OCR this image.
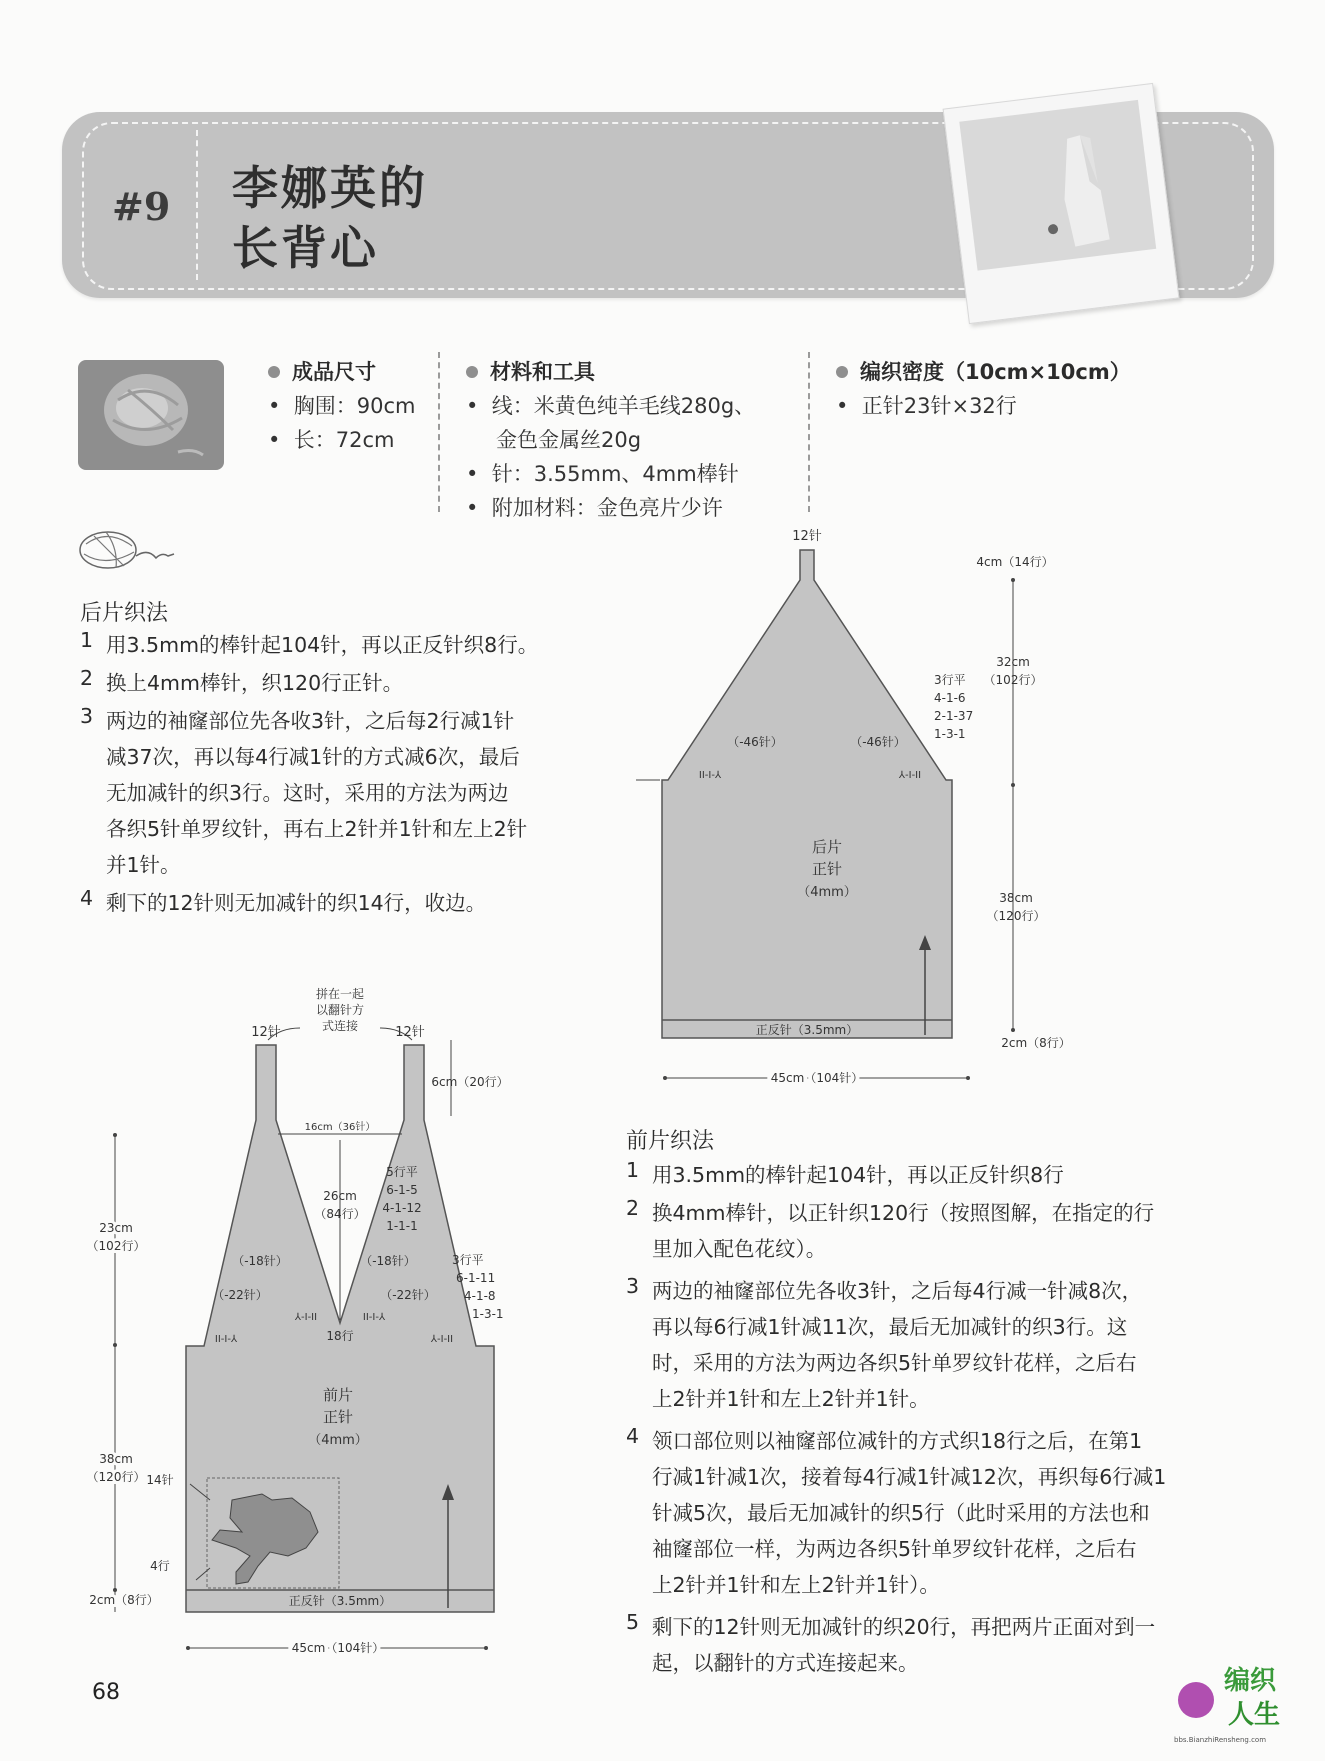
#9 李娜英的
长背心
成品尺寸
•  胸围：90cm
•  长：72cm
材料和工具
•  线：米黄色纯羊毛线280g、
金色金属丝20g
•  针：3.55mm、4mm棒针
•  附加材料：金色亮片少许
编织密度（10cm×10cm）
•  正针23针×32行
后片织法
1 用3.5mm的棒针起104针，再以正反针织8行。
2 换上4mm棒针，织120行正针。
3 两边的袖窿部位先各收3针，之后每2行减1针
减37次，再以每4行减1针的方式减6次，最后
无加减针的织3行。这时，采用的方法为两边
各织5针单罗纹针，再右上2针并1针和左上2针
并1针。
4 剩下的12针则无加减针的织14行，收边。
12针
4cm（14行）
32cm
（102行）
3行平
4-1-6
2-1-37
1-3-1
（-46针）	（-46针）
II-I-⅄	⅄-I-II
后片
正针
（4mm）	38cm
（120行）
正反针（3.5mm）
2cm（8行）
45cm（104针）
拼在一起
以翻针方
式连接
12针	12针
6cm（20行）
16cm（36针）
26cm
（84行）
5行平
6-1-5
4-1-12
1-1-1
3行平
6-1-11
4-1-8
1-3-1
（-18针）	（-18针）
（-22针）	（-22针）
⅄-I-II	II-I-⅄
II-I-⅄	⅄-I-II
18行
23cm
（102行）
38cm
（120行）
前片
正针
（4mm）
14针
4行
正反针（3.5mm）
2cm（8行）
45cm（104针）
前片织法
1 用3.5mm的棒针起104针，再以正反针织8行
2 换4mm棒针，以正针织120行（按照图解，在指定的行
里加入配色花纹）。
3 两边的袖窿部位先各收3针，之后每4行减一针减8次，
再以每6行减1针减11次，最后无加减针的织3行。这
时，采用的方法为两边各织5针单罗纹针花样，之后右
上2针并1针和左上2针并1针。
4 领口部位则以袖窿部位减针的方式织18行之后，在第1
行减1针减1次，接着每4行减1针减12次，再织每6行减1
针减5次，最后无加减针的织5行（此时采用的方法也和
袖窿部位一样，为两边各织5针单罗纹针花样，之后右
上2针并1针和左上2针并1针）。
5 剩下的12针则无加减针的织20行，再把两片正面对到一
起，以翻针的方式连接起来。
68	编织
人生
bbs.BianzhiRensheng.com
